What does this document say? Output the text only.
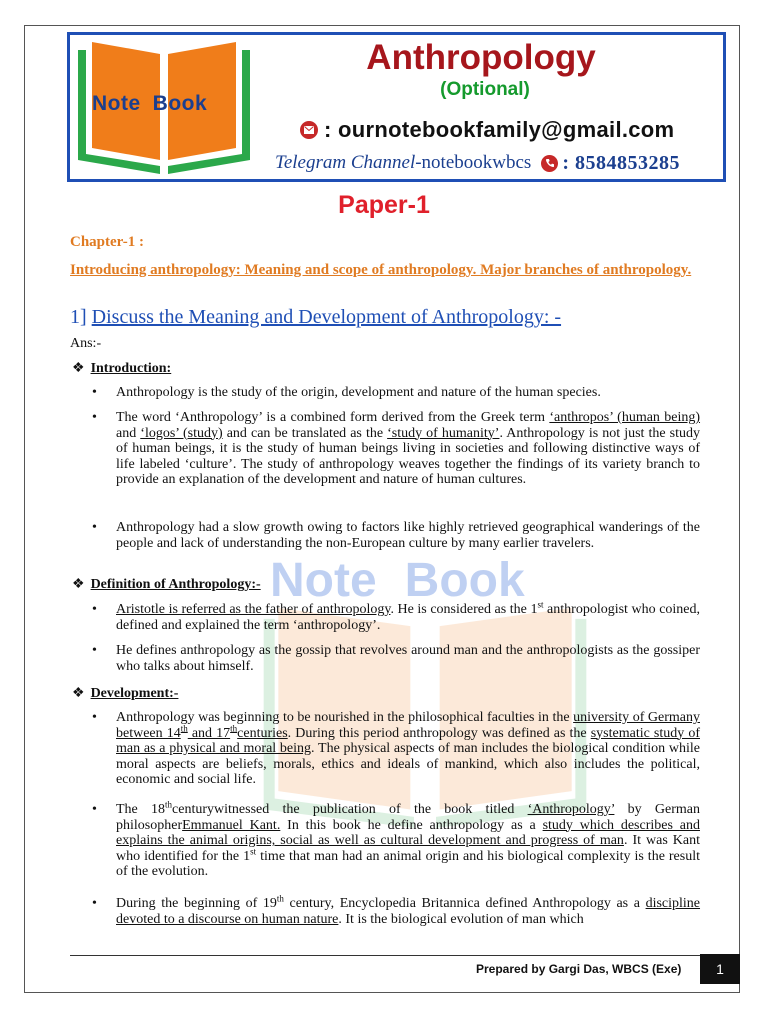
Note Book
Note Book
Anthropology
(Optional)
: ournotebookfamily@gmail.com
Telegram Channel- notebookwbcs : 8584853285
Paper-1
Chapter-1 :
Introducing anthropology: Meaning and scope of anthropology. Major branches of anthropology.
1] Discuss the Meaning and Development of Anthropology: -
Ans:-
❖ Introduction:

• Anthropology is the study of the origin, development and nature of the human species.

• The word ‘Anthropology’ is a combined form derived from the Greek term ‘anthropos’ (human being) and ‘logos’ (study) and can be translated as the ‘study of humanity’. Anthropology is not just the study of human beings, it is the study of human beings living in societies and following distinctive ways of life labeled ‘culture’. The study of anthropology weaves together the findings of its variety branch to provide an explanation of the development and nature of human cultures.

• Anthropology had a slow growth owing to factors like highly retrieved geographical wanderings of the people and lack of understanding the non-European culture by many earlier travelers.

❖ Definition of Anthropology:-

• Aristotle is referred as the father of anthropology. He is considered as the 1st anthropologist who coined, defined and explained the term ‘anthropology’.

• He defines anthropology as the gossip that revolves around man and the anthropologists as the gossiper who talks about himself.

❖ Development:-

• Anthropology was beginning to be nourished in the philosophical faculties in the university of Germany between 14th and 17thcenturies. During this period anthropology was defined as the systematic study of man as a physical and moral being. The physical aspects of man includes the biological condition while moral aspects are beliefs, morals, ethics and ideals of mankind, which also includes the political, economic and social life.

• The 18thcenturywitnessed the publication of the book titled ‘Anthropology’ by German philosopherEmmanuel Kant. In this book he define anthropology as a study which describes and explains the animal origins, social as well as cultural development and progress of man. It was Kant who identified for the 1st time that man had an animal origin and his biological complexity is the result of the evolution.

• During the beginning of 19th century, Encyclopedia Britannica defined Anthropology as a discipline devoted to a discourse on human nature. It is the biological evolution of man which

Prepared by Gargi Das, WBCS (Exe)	1
